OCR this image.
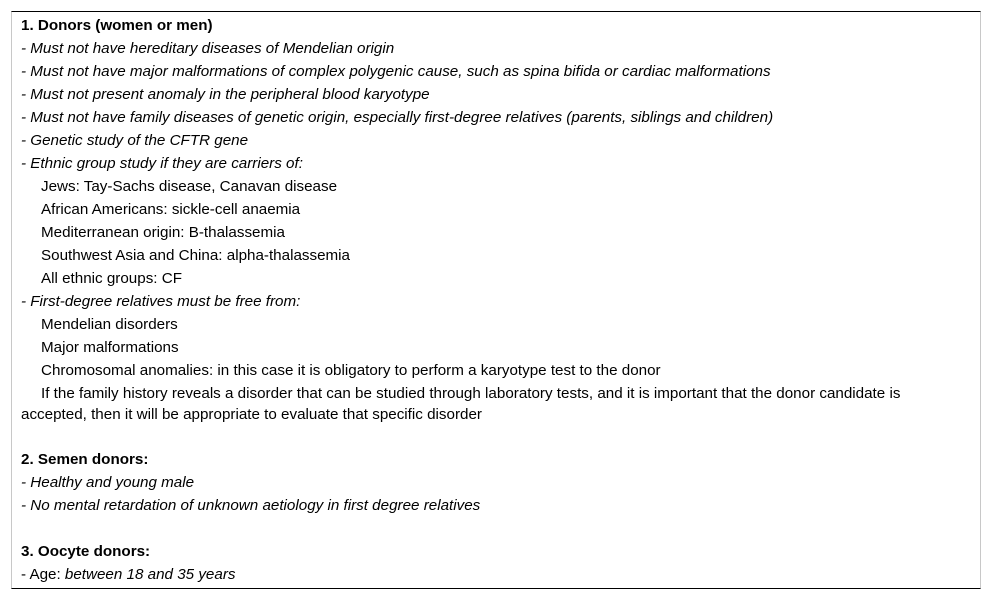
1. Donors (women or men)
- Must not have hereditary diseases of Mendelian origin
- Must not have major malformations of complex polygenic cause, such as spina bifida or cardiac malformations
- Must not present anomaly in the peripheral blood karyotype
- Must not have family diseases of genetic origin, especially first-degree relatives (parents, siblings and children)
- Genetic study of the CFTR gene
- Ethnic group study if they are carriers of:
Jews: Tay-Sachs disease, Canavan disease
African Americans: sickle-cell anaemia
Mediterranean origin: B-thalassemia
Southwest Asia and China: alpha-thalassemia
All ethnic groups: CF
- First-degree relatives must be free from:
Mendelian disorders
Major malformations
Chromosomal anomalies: in this case it is obligatory to perform a karyotype test to the donor
If the family history reveals a disorder that can be studied through laboratory tests, and it is important that the donor candidate is accepted, then it will be appropriate to evaluate that specific disorder
2. Semen donors:
- Healthy and young male
- No mental retardation of unknown aetiology in first degree relatives
3. Oocyte donors:
- Age: between 18 and 35 years
